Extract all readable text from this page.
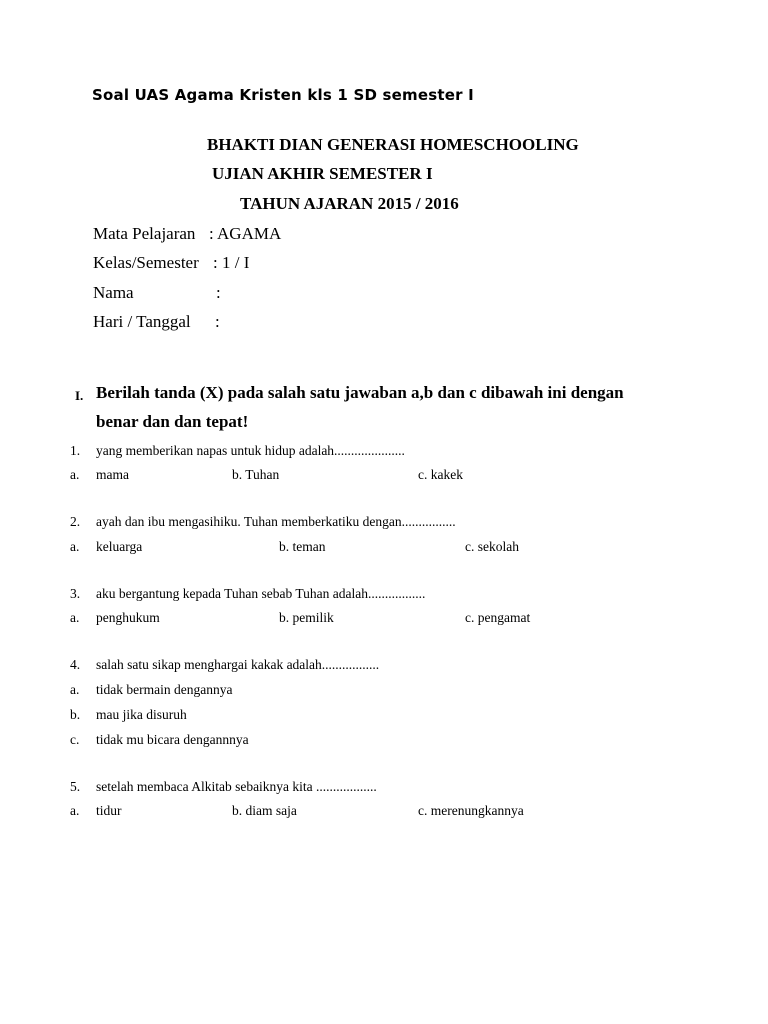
Soal UAS Agama Kristen kls 1 SD semester I
BHAKTI DIAN GENERASI HOMESCHOOLING
UJIAN AKHIR SEMESTER I
TAHUN AJARAN 2015 / 2016
Mata Pelajaran : AGAMA
Kelas/Semester : 1 / I
Nama	:
Hari / Tanggal :
I. Berilah tanda (X) pada salah satu jawaban a,b dan c dibawah ini dengan
benar dan dan tepat!
1. yang memberikan napas untuk hidup adalah.....................
a. mama	b. Tuhan	c. kakek
2. ayah dan ibu mengasihiku. Tuhan memberkatiku dengan................
a. keluarga	b. teman	c. sekolah
3. aku bergantung kepada Tuhan sebab Tuhan adalah.................
a. penghukum	b. pemilik	c. pengamat
4. salah satu sikap menghargai kakak adalah.................
a. tidak bermain dengannya
b. mau jika disuruh
c. tidak mu bicara dengannnya
5. setelah membaca Alkitab sebaiknya kita ..................
a. tidur	b. diam saja	c. merenungkannya
